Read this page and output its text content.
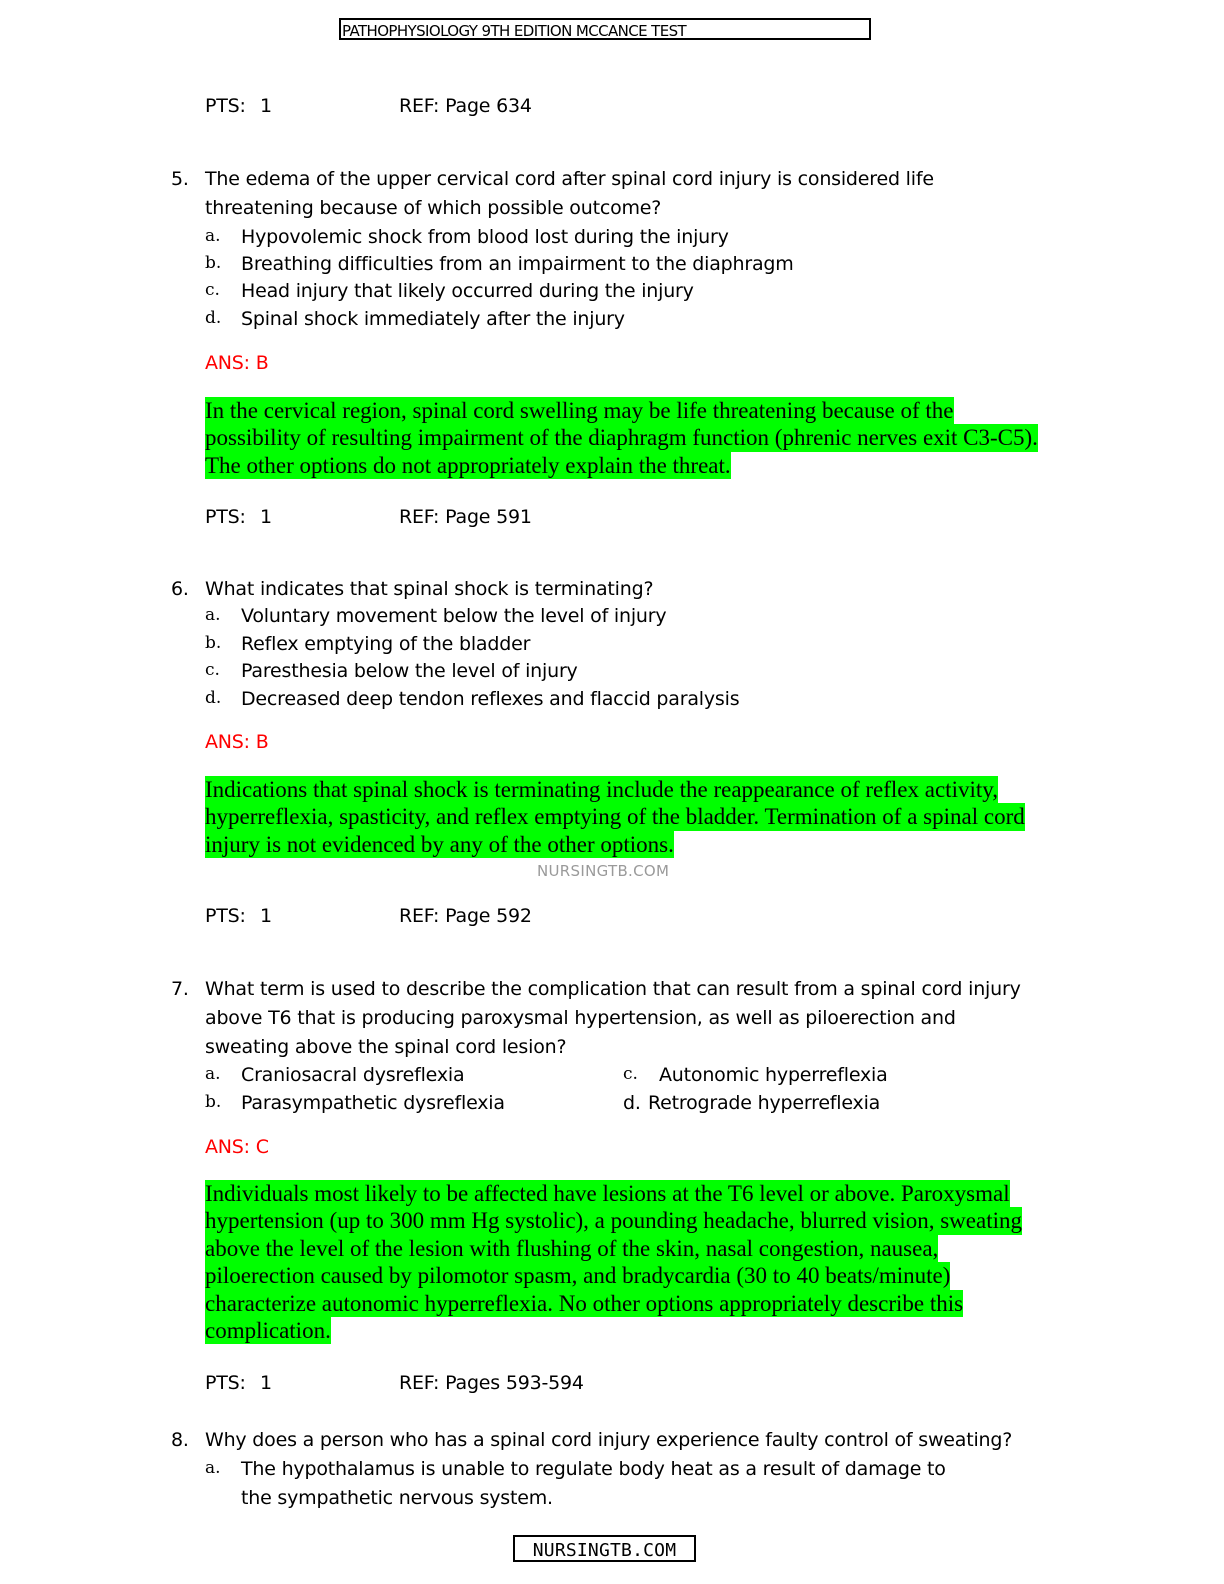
PATHOPHYSIOLOGY 9TH EDITION MCCANCE TEST
PTS: 1	REF: Page 634
5. The edema of the upper cervical cord after spinal cord injury is considered life
threatening because of which possible outcome?
a. Hypovolemic shock from blood lost during the injury
b. Breathing difficulties from an impairment to the diaphragm
c. Head injury that likely occurred during the injury
d. Spinal shock immediately after the injury
ANS: B
In the cervical region, spinal cord swelling may be life threatening because of the
possibility of resulting impairment of the diaphragm function (phrenic nerves exit C3-C5).
The other options do not appropriately explain the threat.
PTS: 1	REF: Page 591
6. What indicates that spinal shock is terminating?
a. Voluntary movement below the level of injury
b. Reflex emptying of the bladder
c. Paresthesia below the level of injury
d. Decreased deep tendon reflexes and flaccid paralysis
ANS: B
Indications that spinal shock is terminating include the reappearance of reflex activity,
hyperreflexia, spasticity, and reflex emptying of the bladder. Termination of a spinal cord
injury is not evidenced by any of the other options.
NURSINGTB.COM
PTS: 1	REF: Page 592
7. What term is used to describe the complication that can result from a spinal cord injury
above T6 that is producing paroxysmal hypertension, as well as piloerection and
sweating above the spinal cord lesion?
a. Craniosacral dysreflexia
b. Parasympathetic dysreflexia
c. Autonomic hyperreflexia
d. Retrograde hyperreflexia
ANS: C
Individuals most likely to be affected have lesions at the T6 level or above. Paroxysmal
hypertension (up to 300 mm Hg systolic), a pounding headache, blurred vision, sweating
above the level of the lesion with flushing of the skin, nasal congestion, nausea,
piloerection caused by pilomotor spasm, and bradycardia (30 to 40 beats/minute)
characterize autonomic hyperreflexia. No other options appropriately describe this
complication.
PTS: 1	REF: Pages 593-594
8. Why does a person who has a spinal cord injury experience faulty control of sweating?
a. The hypothalamus is unable to regulate body heat as a result of damage to
the sympathetic nervous system.
NURSINGTB.COM
